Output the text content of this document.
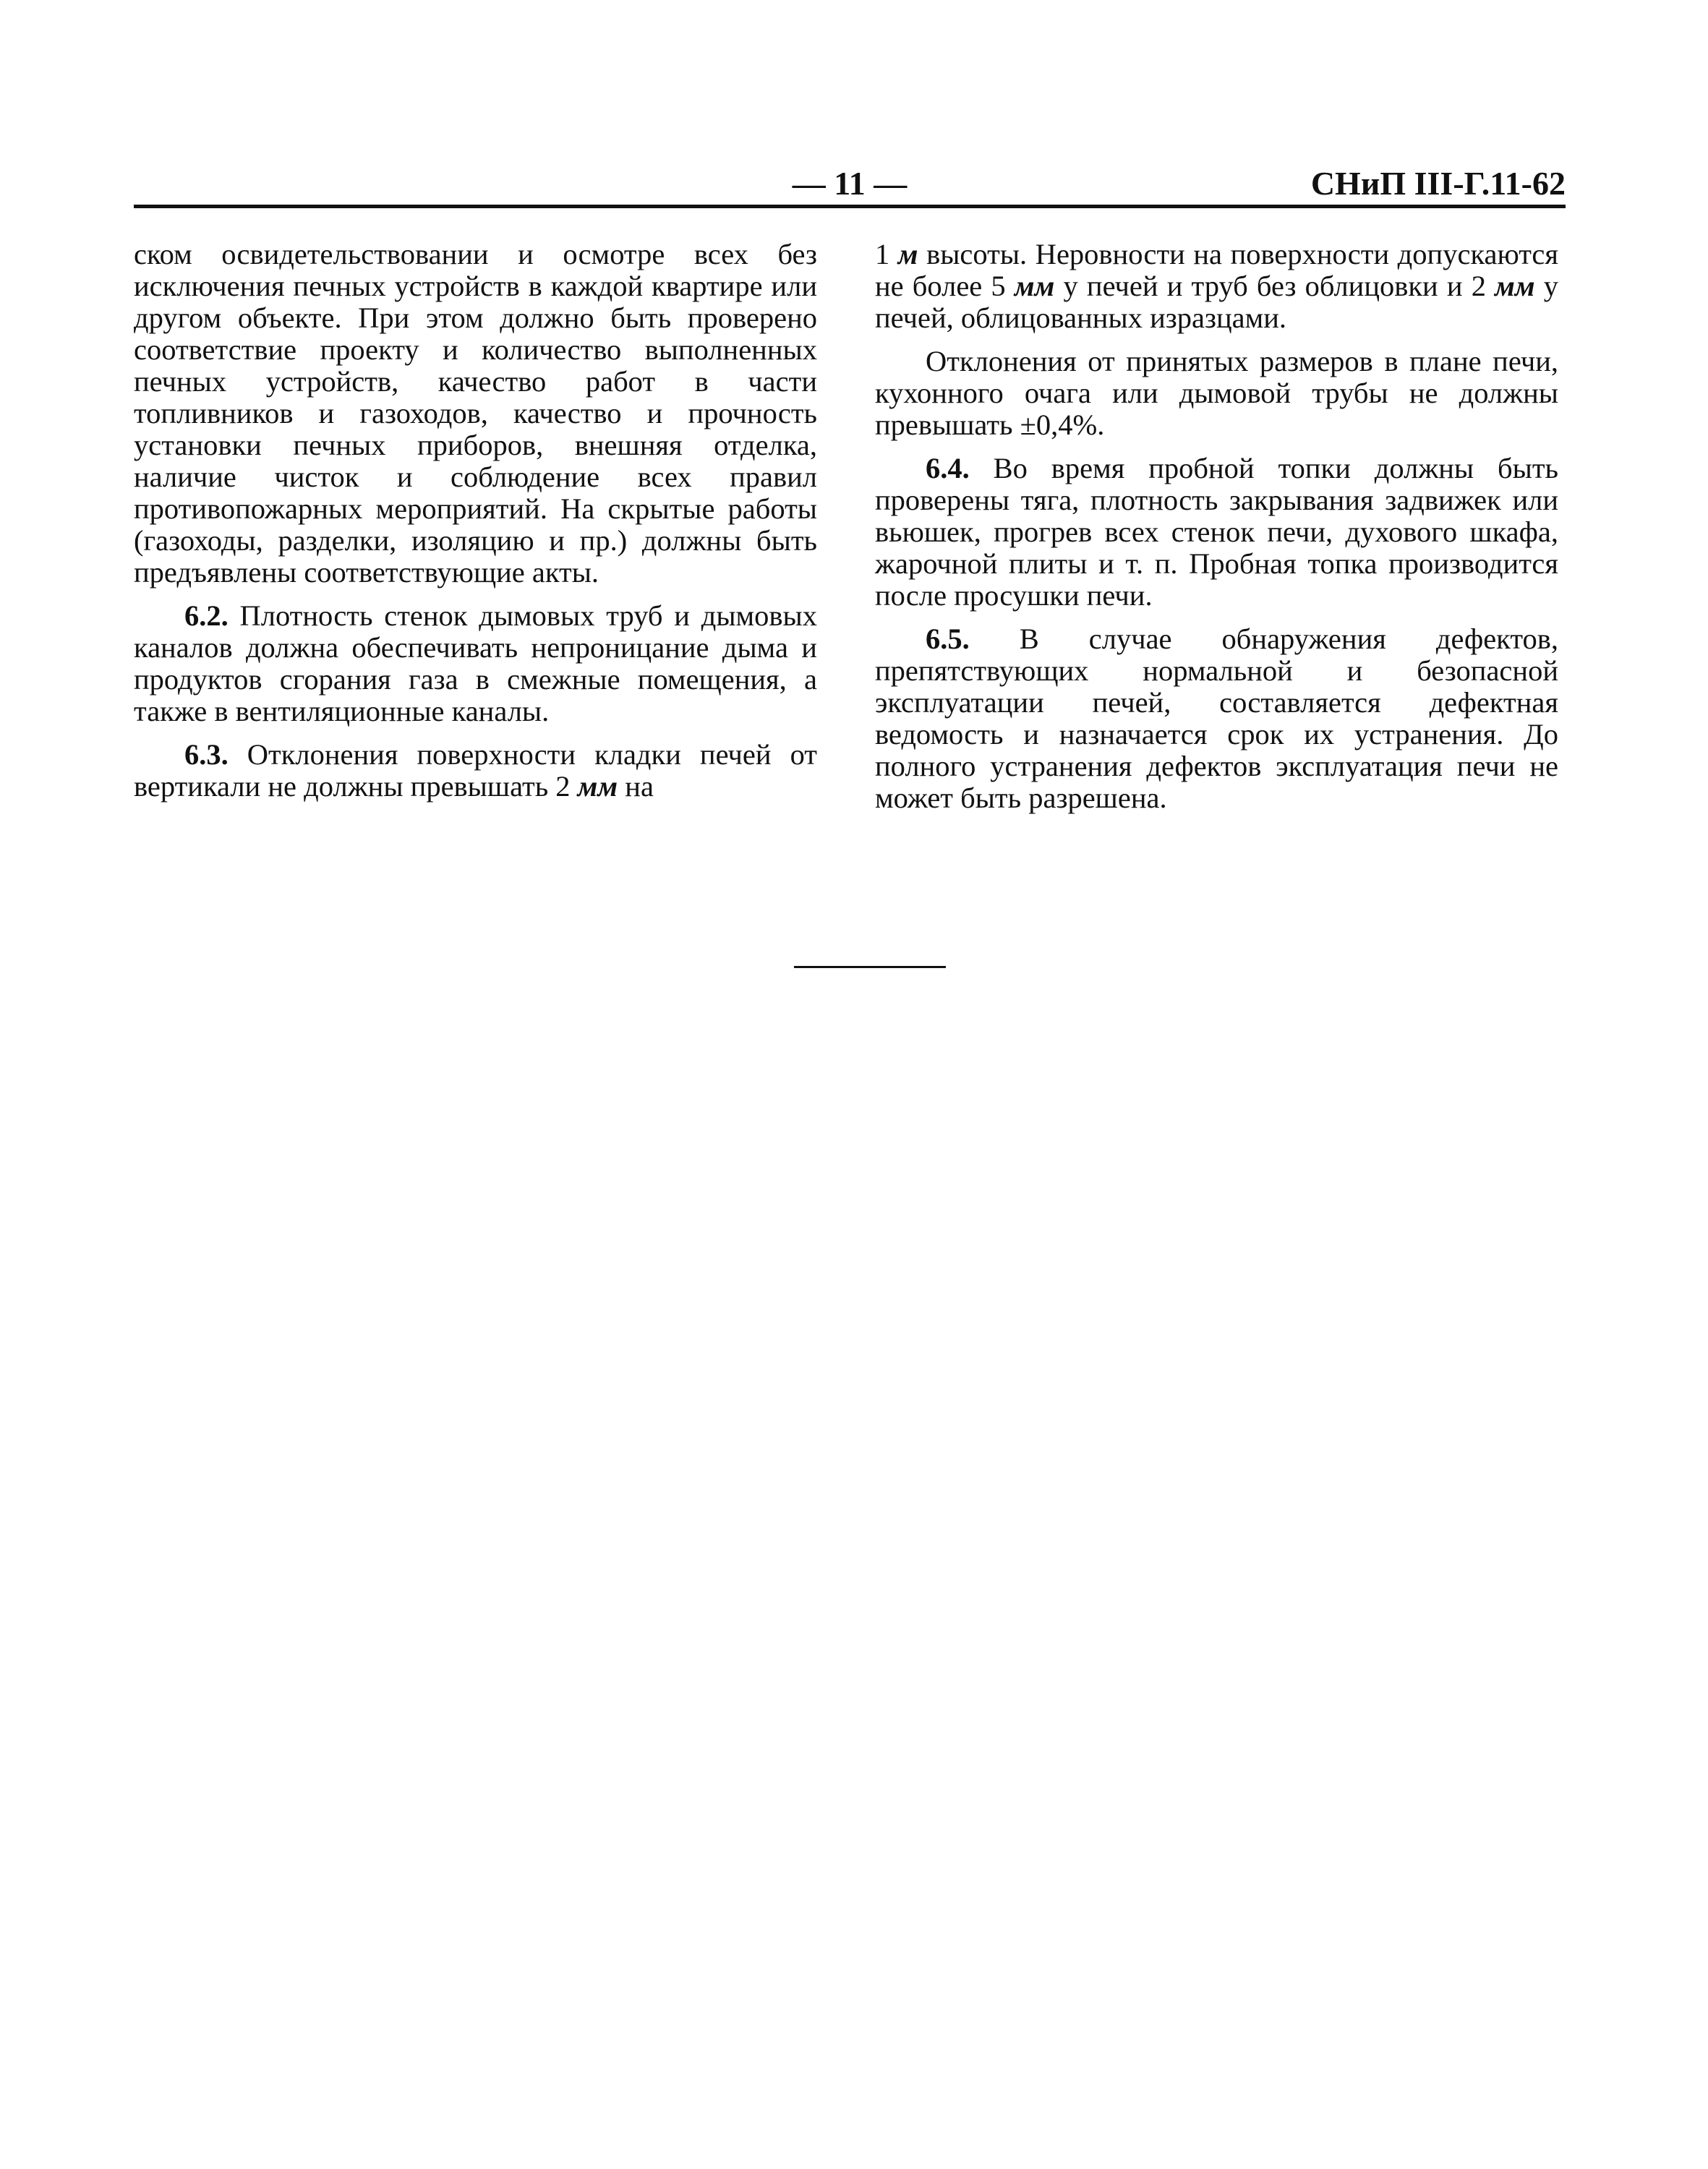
— 11 —	СНиП III-Г.11-62

ском освидетельствовании и осмотре всех без исключения печных устройств в каждой квартире или другом объекте. При этом должно быть проверено соответствие проекту и количество выполненных печных устройств, качество работ в части топливников и газоходов, качество и прочность установки печных приборов, внешняя отделка, наличие чисток и соблюдение всех правил противопожарных мероприятий. На скрытые работы (газоходы, разделки, изоляцию и пр.) должны быть предъявлены соответствующие акты.

6.2. Плотность стенок дымовых труб и дымовых каналов должна обеспечивать непроницание дыма и продуктов сгорания газа в смежные помещения, а также в вентиляционные каналы.

6.3. Отклонения поверхности кладки печей от вертикали не должны превышать 2 мм на

1 м высоты. Неровности на поверхности допускаются не более 5 мм у печей и труб без облицовки и 2 мм у печей, облицованных изразцами.

Отклонения от принятых размеров в плане печи, кухонного очага или дымовой трубы не должны превышать ±0,4%.

6.4. Во время пробной топки должны быть проверены тяга, плотность закрывания задвижек или вьюшек, прогрев всех стенок печи, духового шкафа, жарочной плиты и т. п. Пробная топка производится после просушки печи.

6.5. В случае обнаружения дефектов, препятствующих нормальной и безопасной эксплуатации печей, составляется дефектная ведомость и назначается срок их устранения. До полного устранения дефектов эксплуатация печи не может быть разрешена.
